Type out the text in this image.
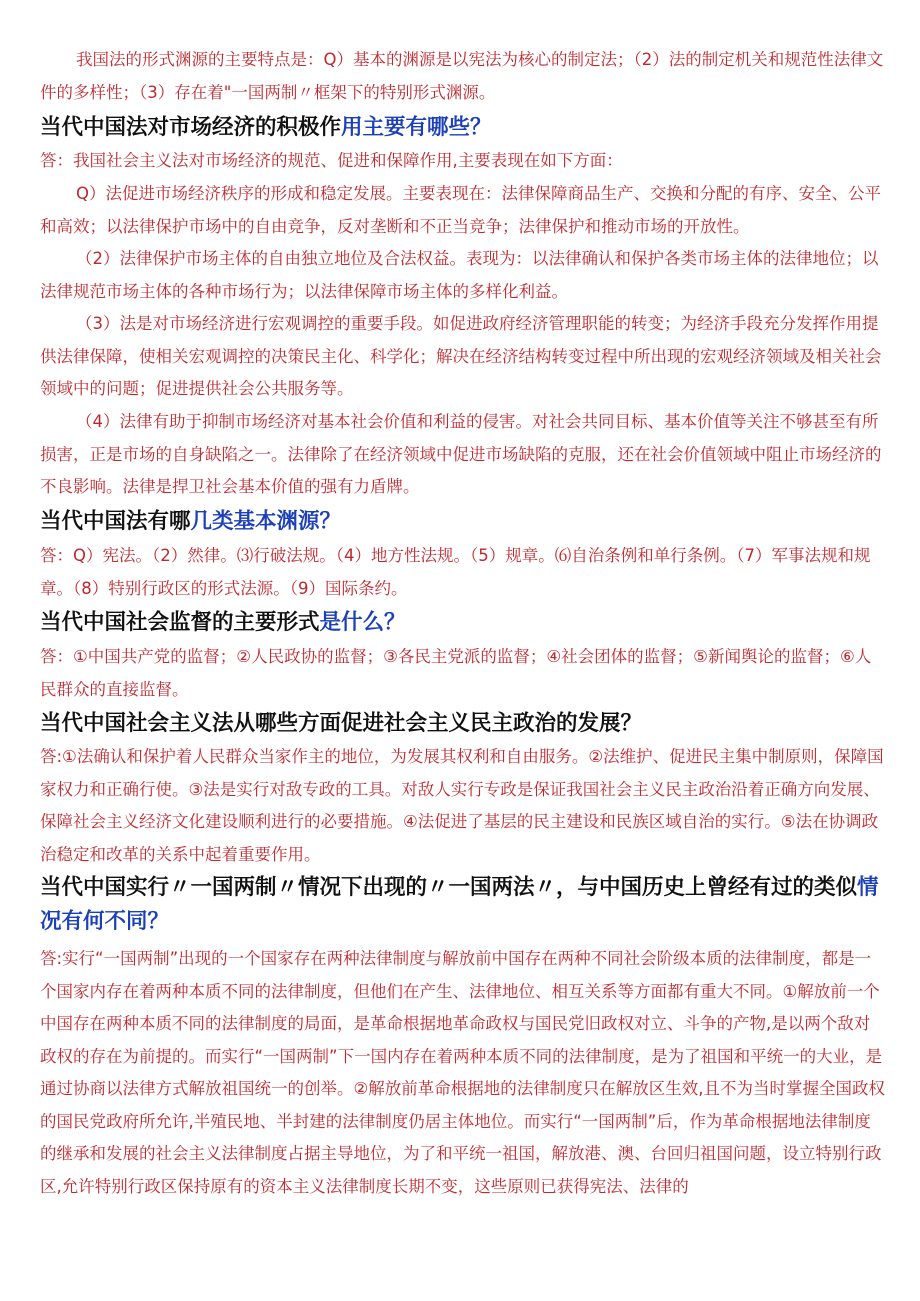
我国法的形式渊源的主要特点是：Q）基本的渊源是以宪法为核心的制定法；（2）法的制定机关和规范性法律文件的多样性；（3）存在着"一国两制〃框架下的特别形式渊源。

当代中国法对市场经济的积极作用主要有哪些？

答：我国社会主义法对市场经济的规范、促进和保障作用,主要表现在如下方面：

Q）法促进市场经济秩序的形成和稳定发展。主要表现在：法律保障商品生产、交换和分配的有序、安全、公平和高效；以法律保护市场中的自由竞争，反对垄断和不正当竞争；法律保护和推动市场的开放性。

（2）法律保护市场主体的自由独立地位及合法权益。表现为：以法律确认和保护各类市场主体的法律地位；以法律规范市场主体的各种市场行为；以法律保障市场主体的多样化利益。

（3）法是对市场经济进行宏观调控的重要手段。如促进政府经济管理职能的转变；为经济手段充分发挥作用提供法律保障，使相关宏观调控的决策民主化、科学化；解决在经济结构转变过程中所出现的宏观经济领域及相关社会领域中的问题；促进提供社会公共服务等。

（4）法律有助于抑制市场经济对基本社会价值和利益的侵害。对社会共同目标、基本价值等关注不够甚至有所损害，正是市场的自身缺陷之一。法律除了在经济领域中促进市场缺陷的克服，还在社会价值领域中阻止市场经济的不良影响。法律是捍卫社会基本价值的强有力盾牌。

当代中国法有哪几类基本渊源？

答：Q）宪法。（2）然律。⑶行破法规。（4）地方性法规。（5）规章。⑹自治条例和单行条例。（7）军事法规和规章。（8）特别行政区的形式法源。（9）国际条约。

当代中国社会监督的主要形式是什么？

答：①中国共产党的监督；②人民政协的监督；③各民主党派的监督；④社会团体的监督；⑤新闻舆论的监督；⑥人民群众的直接监督。

当代中国社会主义法从哪些方面促进社会主义民主政治的发展？

答:①法确认和保护着人民群众当家作主的地位，为发展其权利和自由服务。②法维护、促进民主集中制原则，保障国家权力和正确行使。③法是实行对敌专政的工具。对敌人实行专政是保证我国社会主义民主政治沿着正确方向发展、保障社会主义经济文化建设顺利进行的必要措施。④法促进了基层的民主建设和民族区域自治的实行。⑤法在协调政治稳定和改革的关系中起着重要作用。

当代中国实行〃一国两制〃情况下出现的〃一国两法〃，与中国历史上曾经有过的类似情况有何不同？

答:实行“一国两制”出现的一个国家存在两种法律制度与解放前中国存在两种不同社会阶级本质的法律制度，都是一个国家内存在着两种本质不同的法律制度，但他们在产生、法律地位、相互关系等方面都有重大不同。①解放前一个中国存在两种本质不同的法律制度的局面，是革命根据地革命政权与国民党旧政权对立、斗争的产物,是以两个敌对政权的存在为前提的。而实行“一国两制”下一国内存在着两种本质不同的法律制度，是为了祖国和平统一的大业，是通过协商以法律方式解放祖国统一的创举。②解放前革命根据地的法律制度只在解放区生效,且不为当时掌握全国政权的国民党政府所允许,半殖民地、半封建的法律制度仍居主体地位。而实行“一国两制”后，作为革命根据地法律制度的继承和发展的社会主义法律制度占据主导地位，为了和平统一祖国，解放港、澳、台回归祖国问题，设立特别行政区,允许特别行政区保持原有的资本主义法律制度长期不变，这些原则已获得宪法、法律的
